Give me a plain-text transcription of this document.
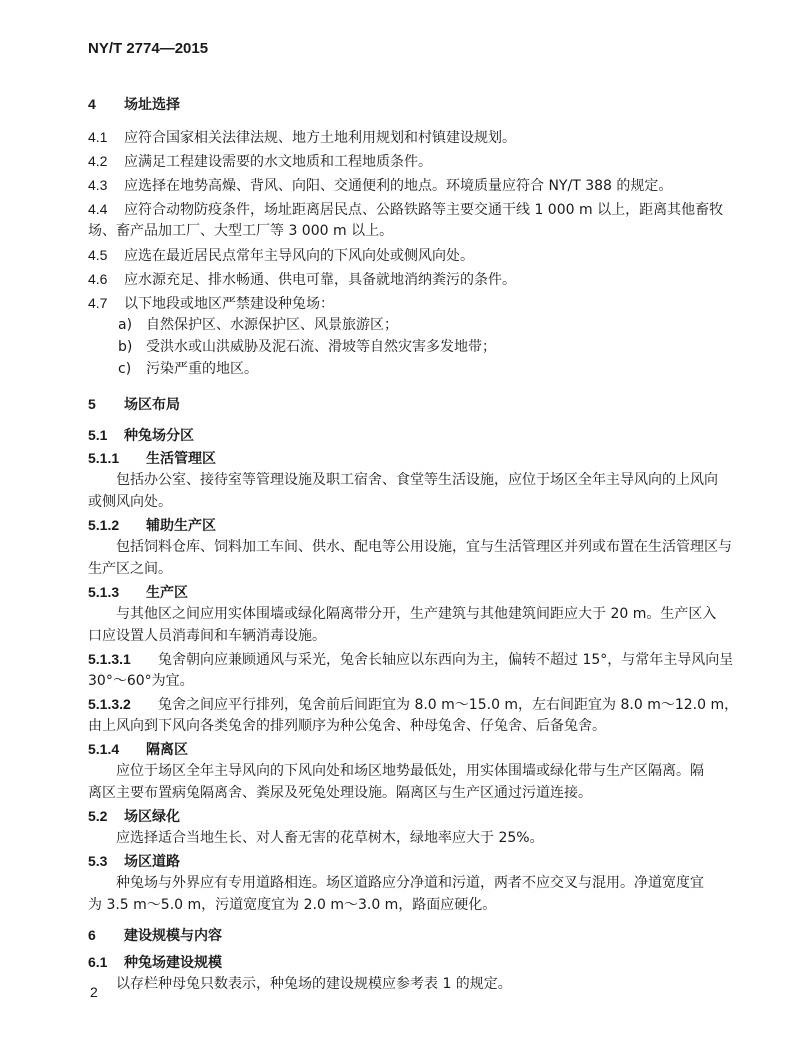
NY/T 2774—2015
4 场址选择
4.1 应符合国家相关法律法规、地方土地利用规划和村镇建设规划。
4.2 应满足工程建设需要的水文地质和工程地质条件。
4.3 应选择在地势高燥、背风、向阳、交通便利的地点。环境质量应符合 NY/T 388 的规定。
4.4 应符合动物防疫条件，场址距离居民点、公路铁路等主要交通干线 1 000 m 以上，距离其他畜牧
场、畜产品加工厂、大型工厂等 3 000 m 以上。
4.5 应选在最近居民点常年主导风向的下风向处或侧风向处。
4.6 应水源充足、排水畅通、供电可靠，具备就地消纳粪污的条件。
4.7 以下地段或地区严禁建设种兔场：
a) 自然保护区、水源保护区、风景旅游区；
b) 受洪水或山洪威胁及泥石流、滑坡等自然灾害多发地带；
c) 污染严重的地区。
5 场区布局
5.1 种兔场分区
5.1.1 生活管理区
包括办公室、接待室等管理设施及职工宿舍、食堂等生活设施，应位于场区全年主导风向的上风向
或侧风向处。
5.1.2 辅助生产区
包括饲料仓库、饲料加工车间、供水、配电等公用设施，宜与生活管理区并列或布置在生活管理区与
生产区之间。
5.1.3 生产区
与其他区之间应用实体围墙或绿化隔离带分开，生产建筑与其他建筑间距应大于 20 m。生产区入
口应设置人员消毒间和车辆消毒设施。
5.1.3.1 兔舍朝向应兼顾通风与采光，兔舍长轴应以东西向为主，偏转不超过 15°，与常年主导风向呈
30°～60°为宜。
5.1.3.2 兔舍之间应平行排列，兔舍前后间距宜为 8.0 m～15.0 m，左右间距宜为 8.0 m～12.0 m，
由上风向到下风向各类兔舍的排列顺序为种公兔舍、种母兔舍、仔兔舍、后备兔舍。
5.1.4 隔离区
应位于场区全年主导风向的下风向处和场区地势最低处，用实体围墙或绿化带与生产区隔离。隔
离区主要布置病兔隔离舍、粪尿及死兔处理设施。隔离区与生产区通过污道连接。
5.2 场区绿化
应选择适合当地生长、对人畜无害的花草树木，绿地率应大于 25%。
5.3 场区道路
种兔场与外界应有专用道路相连。场区道路应分净道和污道，两者不应交叉与混用。净道宽度宜
为 3.5 m～5.0 m，污道宽度宜为 2.0 m～3.0 m，路面应硬化。
6 建设规模与内容
6.1 种兔场建设规模
以存栏种母兔只数表示，种兔场的建设规模应参考表 1 的规定。
2
